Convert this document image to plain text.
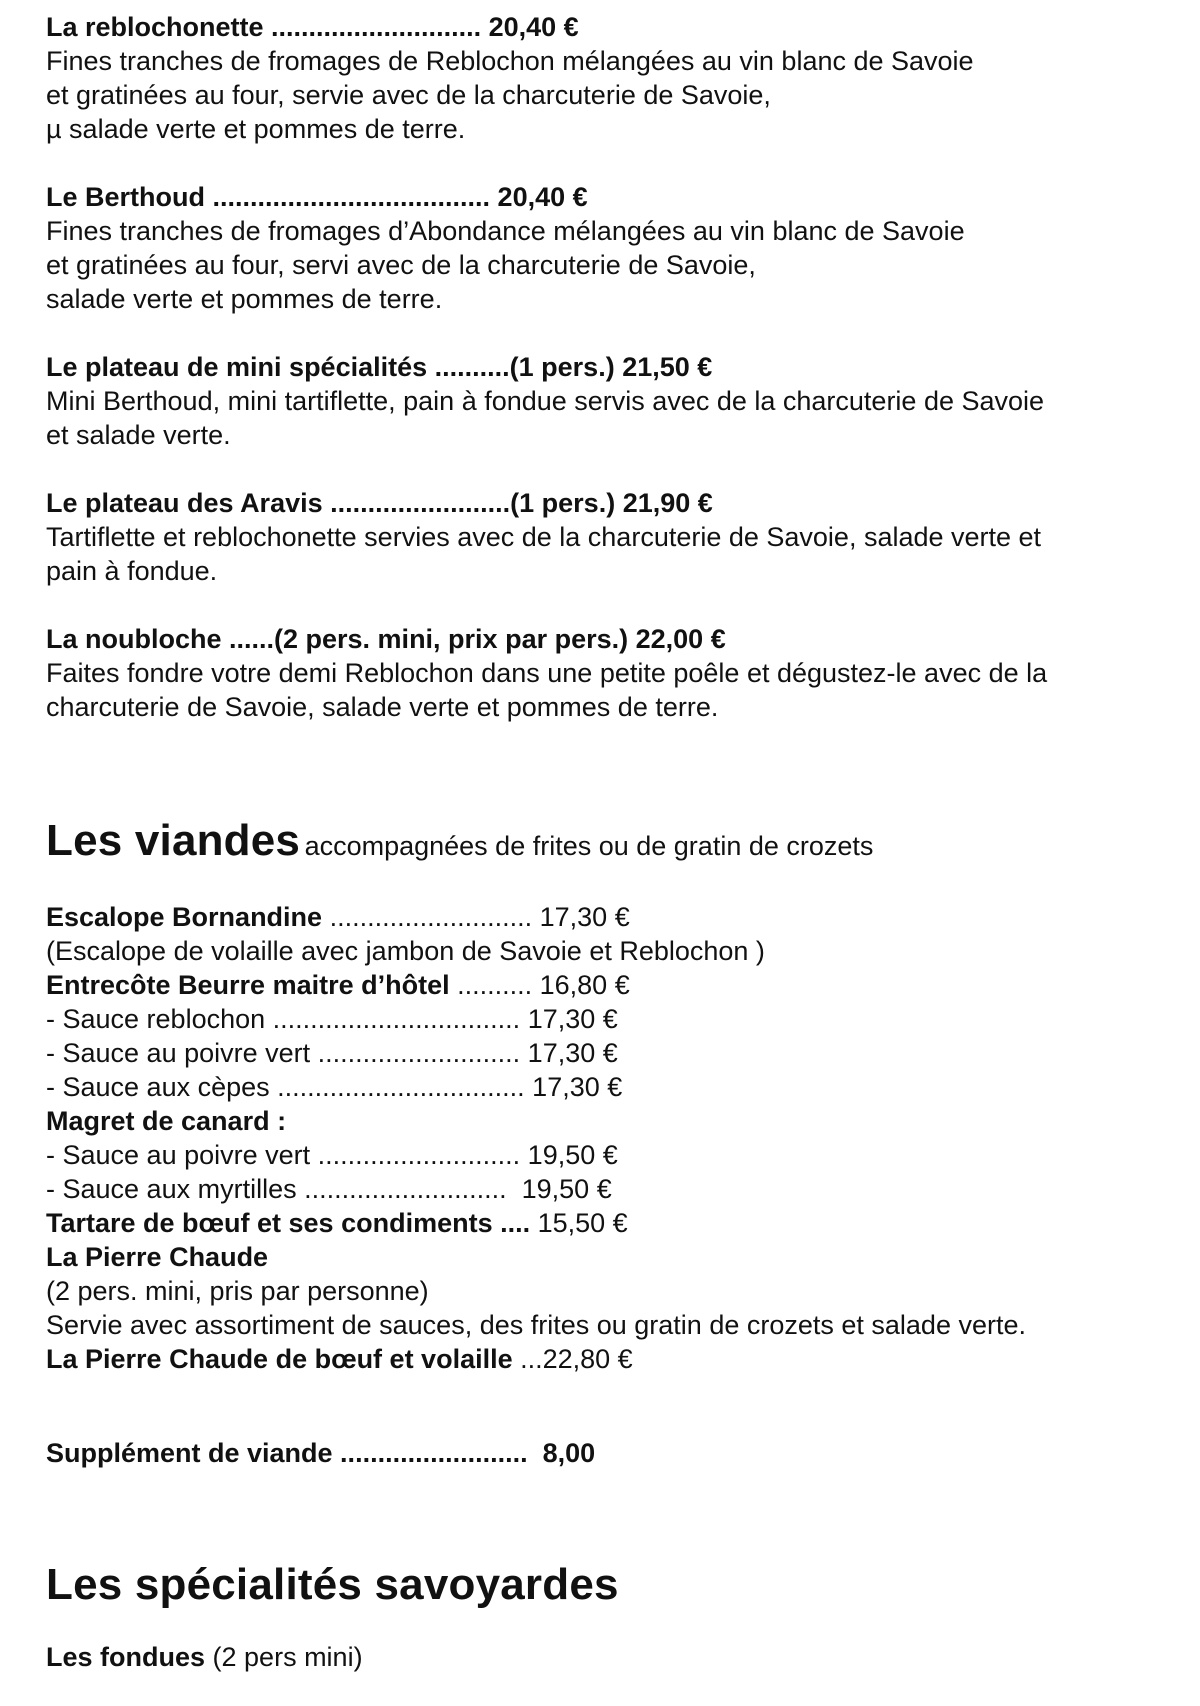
La reblochonette ............................ 20,40 €

Fines tranches de fromages de Reblochon mélangées au vin blanc de Savoie

et gratinées au four, servie avec de la charcuterie de Savoie,

µ salade verte et pommes de terre.

Le Berthoud ..................................... 20,40 €

Fines tranches de fromages d’Abondance mélangées au vin blanc de Savoie

et gratinées au four, servi avec de la charcuterie de Savoie,

salade verte et pommes de terre.

Le plateau de mini spécialités ..........(1 pers.) 21,50 €

Mini Berthoud, mini tartiflette, pain à fondue servis avec de la charcuterie de Savoie

et salade verte.

Le plateau des Aravis ........................(1 pers.) 21,90 €

Tartiflette et reblochonette servies avec de la charcuterie de Savoie, salade verte et

pain à fondue.

La noubloche ......(2 pers. mini, prix par pers.) 22,00 €

Faites fondre votre demi Reblochon dans une petite poêle et dégustez-le avec de la

charcuterie de Savoie, salade verte et pommes de terre.

Les viandes accompagnées de frites ou de gratin de crozets

Escalope Bornandine ........................... 17,30 €

(Escalope de volaille avec jambon de Savoie et Reblochon )

Entrecôte Beurre maitre d’hôtel .......... 16,80 €

- Sauce reblochon ................................. 17,30 €

- Sauce au poivre vert ........................... 17,30 €

- Sauce aux cèpes ................................. 17,30 €

Magret de canard :

- Sauce au poivre vert ........................... 19,50 €

- Sauce aux myrtilles ...........................  19,50 €

Tartare de bœuf et ses condiments .... 15,50 €

La Pierre Chaude

(2 pers. mini, pris par personne)

Servie avec assortiment de sauces, des frites ou gratin de crozets et salade verte.

La Pierre Chaude de bœuf et volaille ...22,80 €

Supplément de viande .........................  8,00

Les spécialités savoyardes

Les fondues (2 pers mini)
